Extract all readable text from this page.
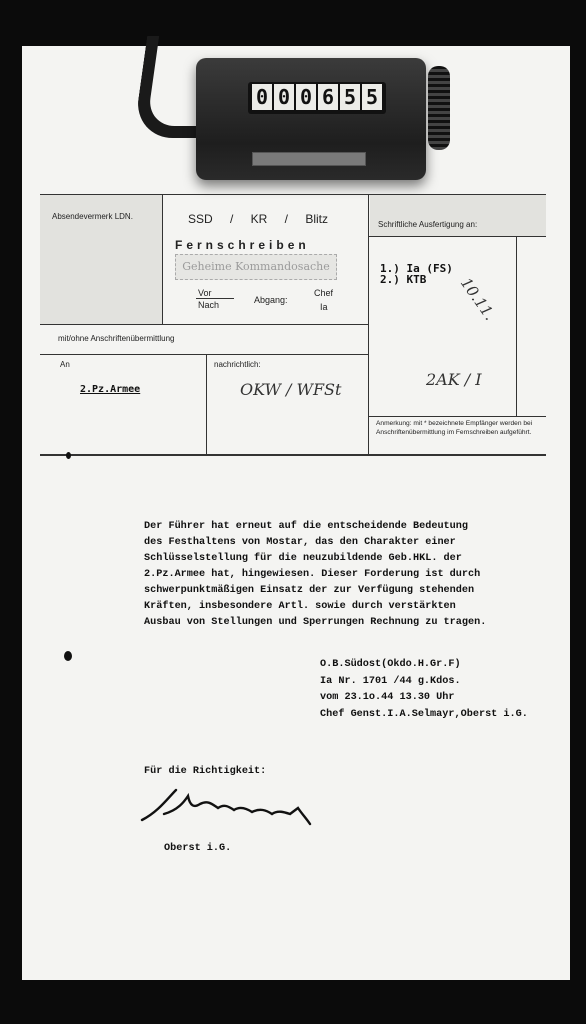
0 0 0 6 5 5
Absendevermerk LDN.	SSD / KR / Blitz
Fernschreiben
Geheime Kommandosache
Vor
Nach	Abgang:
Chef
Ia
Schriftliche Ausfertigung an:
1.) Ia (FS)
2.) KTB 10.11.
2AK / I
mit/ohne Anschriftenübermittlung
An
2.Pz.Armee
nachrichtlich:
OKW / WFSt
Anmerkung: mit * bezeichnete Empfänger werden bei Anschriftenübermittlung im Fernschreiben aufgeführt.
Der Führer hat erneut auf die entscheidende Bedeutung
des Festhaltens von Mostar, das den Charakter einer
Schlüsselstellung für die neuzubildende Geb.HKL. der
2.Pz.Armee hat, hingewiesen. Dieser Forderung ist durch
schwerpunktmäßigen Einsatz der zur Verfügung stehenden
Kräften, insbesondere Artl. sowie durch verstärkten
Ausbau von Stellungen und Sperrungen Rechnung zu tragen.
O.B.Südost(Okdo.H.Gr.F)
Ia Nr. 1701 /44 g.Kdos.
vom 23.1o.44 13.30 Uhr
Chef Genst.I.A.Selmayr,Oberst i.G.
Für die Richtigkeit:
Oberst i.G.
